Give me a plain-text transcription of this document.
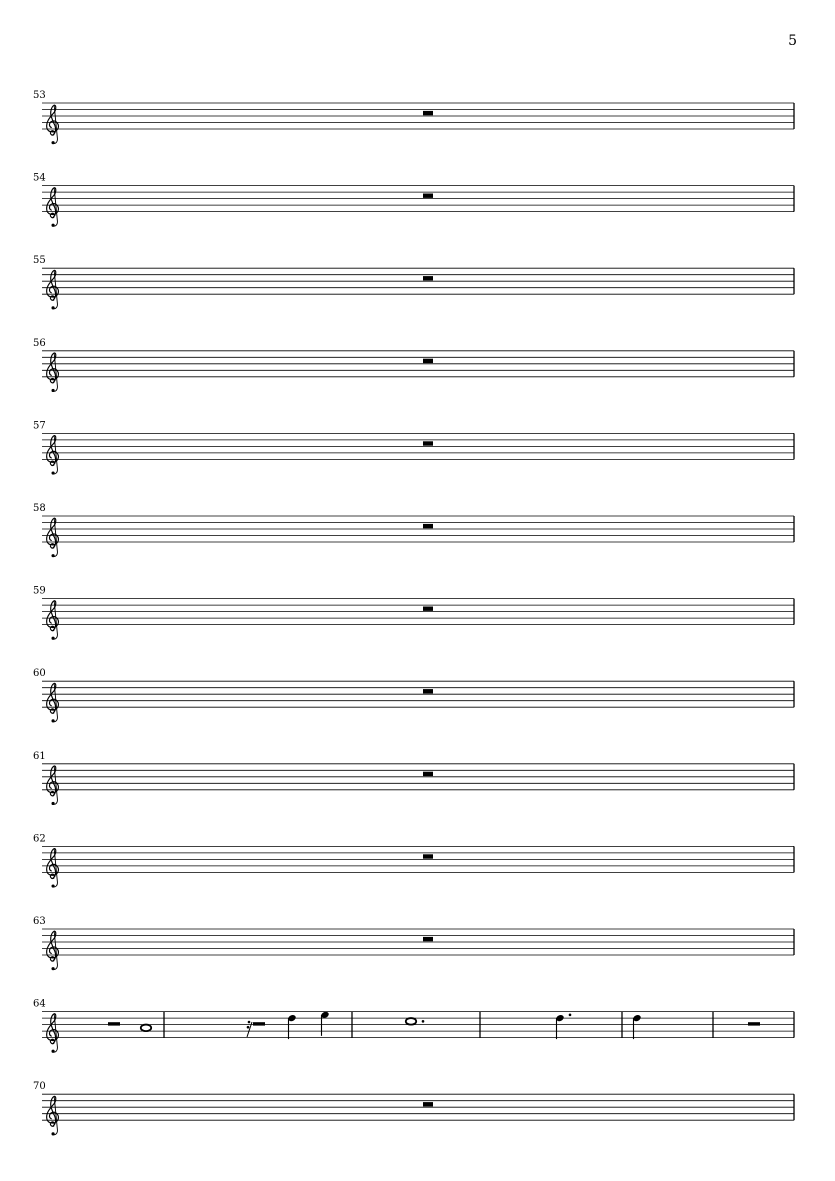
5
53
54
55
56
57
58
59
60
61
62
63
64
70
